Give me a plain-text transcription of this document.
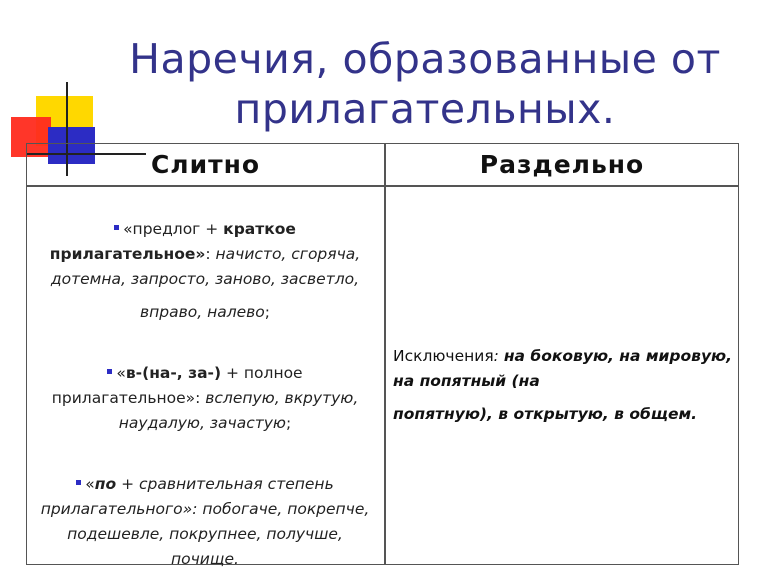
Наречия, образованные от
прилагательных.
Слитно	Раздельно
«предлог + краткое прилагательное»: начисто, сгоряча, дотемна, запросто, заново, засветло,
вправо, налево;
«в-(на-, за-) + полное прилагательное»: вслепую, вкрутую, наудалую, зачастую;
«по + сравнительная степень прилагательного»: побогаче, покрепче, подешевле, покрупнее, получше, почище.
Исключения: на боковую, на мировую, на попятный (на
попятную), в открытую, в общем.
